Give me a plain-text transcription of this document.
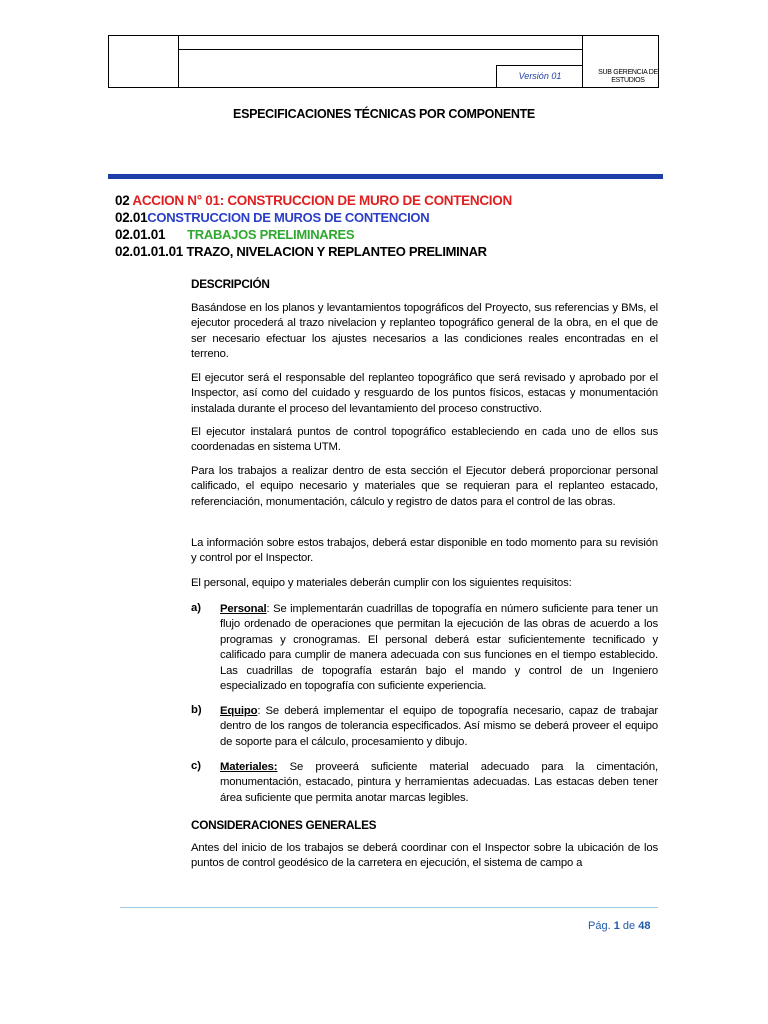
Versión 01	SUB GERENCIA DE
ESTUDIOS
ESPECIFICACIONES TÉCNICAS POR COMPONENTE
02 ACCION N° 01: CONSTRUCCION DE MURO DE CONTENCION
02.01CONSTRUCCION DE MUROS DE CONTENCION
02.01.01 TRABAJOS PRELIMINARES
02.01.01.01 TRAZO, NIVELACION Y REPLANTEO PRELIMINAR
DESCRIPCIÓN
Basándose en los planos y levantamientos topográficos del Proyecto, sus referencias y BMs, el ejecutor procederá al trazo nivelacion y replanteo topográfico general de la obra, en el que de ser necesario efectuar los ajustes necesarios a las condiciones reales encontradas en el terreno.
El ejecutor será el responsable del replanteo topográfico que será revisado y aprobado por el Inspector, así como del cuidado y resguardo de los puntos físicos, estacas y monumentación instalada durante el proceso del levantamiento del proceso constructivo.
El ejecutor instalará puntos de control topográfico estableciendo en cada uno de ellos sus coordenadas en sistema UTM.
Para los trabajos a realizar dentro de esta sección el Ejecutor deberá proporcionar personal calificado, el equipo necesario y materiales que se requieran para el replanteo estacado, referenciación, monumentación, cálculo y registro de datos para el control de las obras.
La información sobre estos trabajos, deberá estar disponible en todo momento para su revisión y control por el Inspector.
El personal, equipo y materiales deberán cumplir con los siguientes requisitos:
a) Personal: Se implementarán cuadrillas de topografía en número suficiente para tener un flujo ordenado de operaciones que permitan la ejecución de las obras de acuerdo a los programas y cronogramas. El personal deberá estar suficientemente tecnificado y calificado para cumplir de manera adecuada con sus funciones en el tiempo establecido. Las cuadrillas de topografía estarán bajo el mando y control de un Ingeniero especializado en topografía con suficiente experiencia.
b) Equipo: Se deberá implementar el equipo de topografía necesario, capaz de trabajar dentro de los rangos de tolerancia especificados. Así mismo se deberá proveer el equipo de soporte para el cálculo, procesamiento y dibujo.
c) Materiales: Se proveerá suficiente material adecuado para la cimentación, monumentación, estacado, pintura y herramientas adecuadas. Las estacas deben tener área suficiente que permita anotar marcas legibles.
CONSIDERACIONES GENERALES
Antes del inicio de los trabajos se deberá coordinar con el Inspector sobre la ubicación de los puntos de control geodésico de la carretera en ejecución, el sistema de campo a
Pág. 1 de 48
